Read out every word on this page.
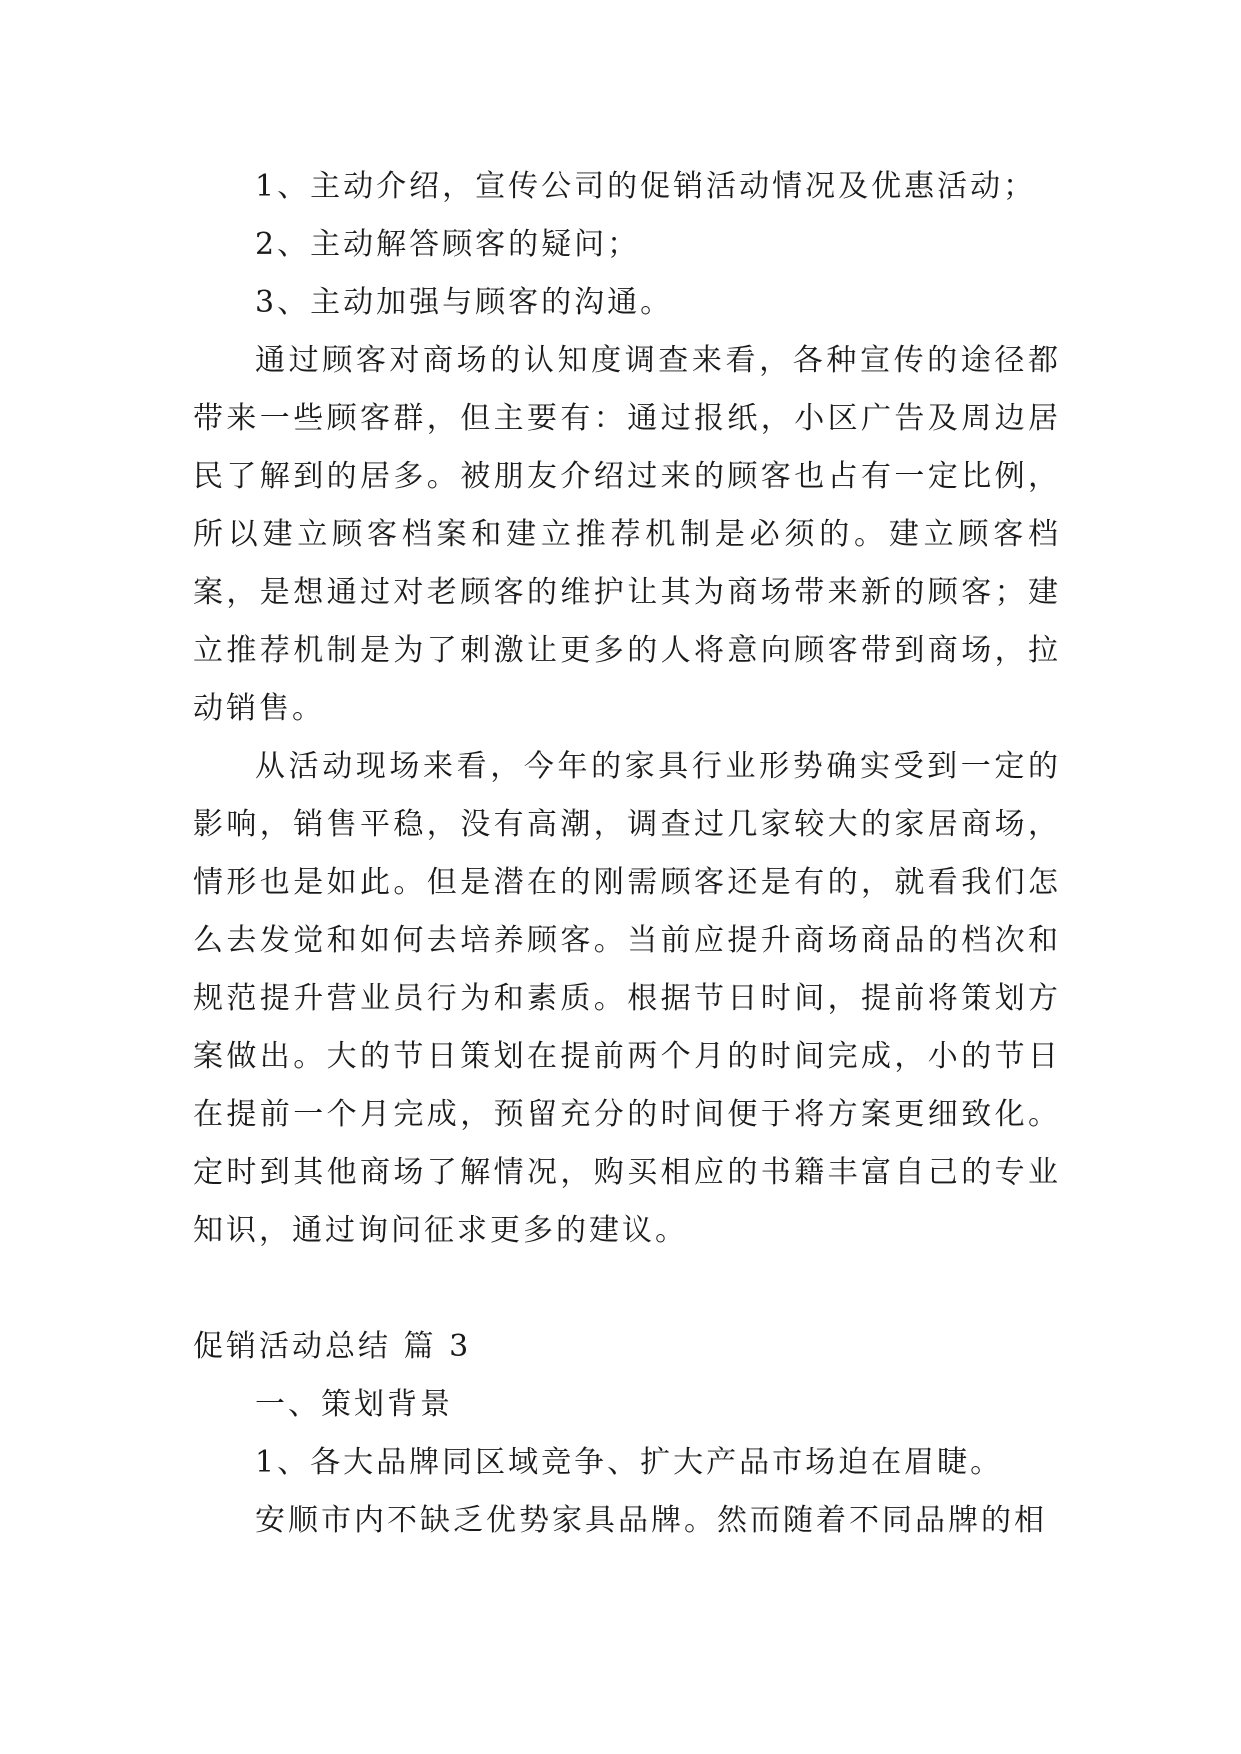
1、主动介绍，宣传公司的促销活动情况及优惠活动；

2、主动解答顾客的疑问；

3、主动加强与顾客的沟通。

通过顾客对商场的认知度调查来看，各种宣传的途径都带来一些顾客群，但主要有：通过报纸，小区广告及周边居民了解到的居多。被朋友介绍过来的顾客也占有一定比例，所以建立顾客档案和建立推荐机制是必须的。建立顾客档案，是想通过对老顾客的维护让其为商场带来新的顾客；建立推荐机制是为了刺激让更多的人将意向顾客带到商场，拉动销售。

从活动现场来看，今年的家具行业形势确实受到一定的影响，销售平稳，没有高潮，调查过几家较大的家居商场，情形也是如此。但是潜在的刚需顾客还是有的，就看我们怎么去发觉和如何去培养顾客。当前应提升商场商品的档次和规范提升营业员行为和素质。根据节日时间，提前将策划方案做出。大的节日策划在提前两个月的时间完成，小的节日在提前一个月完成，预留充分的时间便于将方案更细致化。定时到其他商场了解情况，购买相应的书籍丰富自己的专业知识，通过询问征求更多的建议。

促销活动总结 篇 3

一、策划背景

1、各大品牌同区域竞争、扩大产品市场迫在眉睫。

安顺市内不缺乏优势家具品牌。然而随着不同品牌的相
